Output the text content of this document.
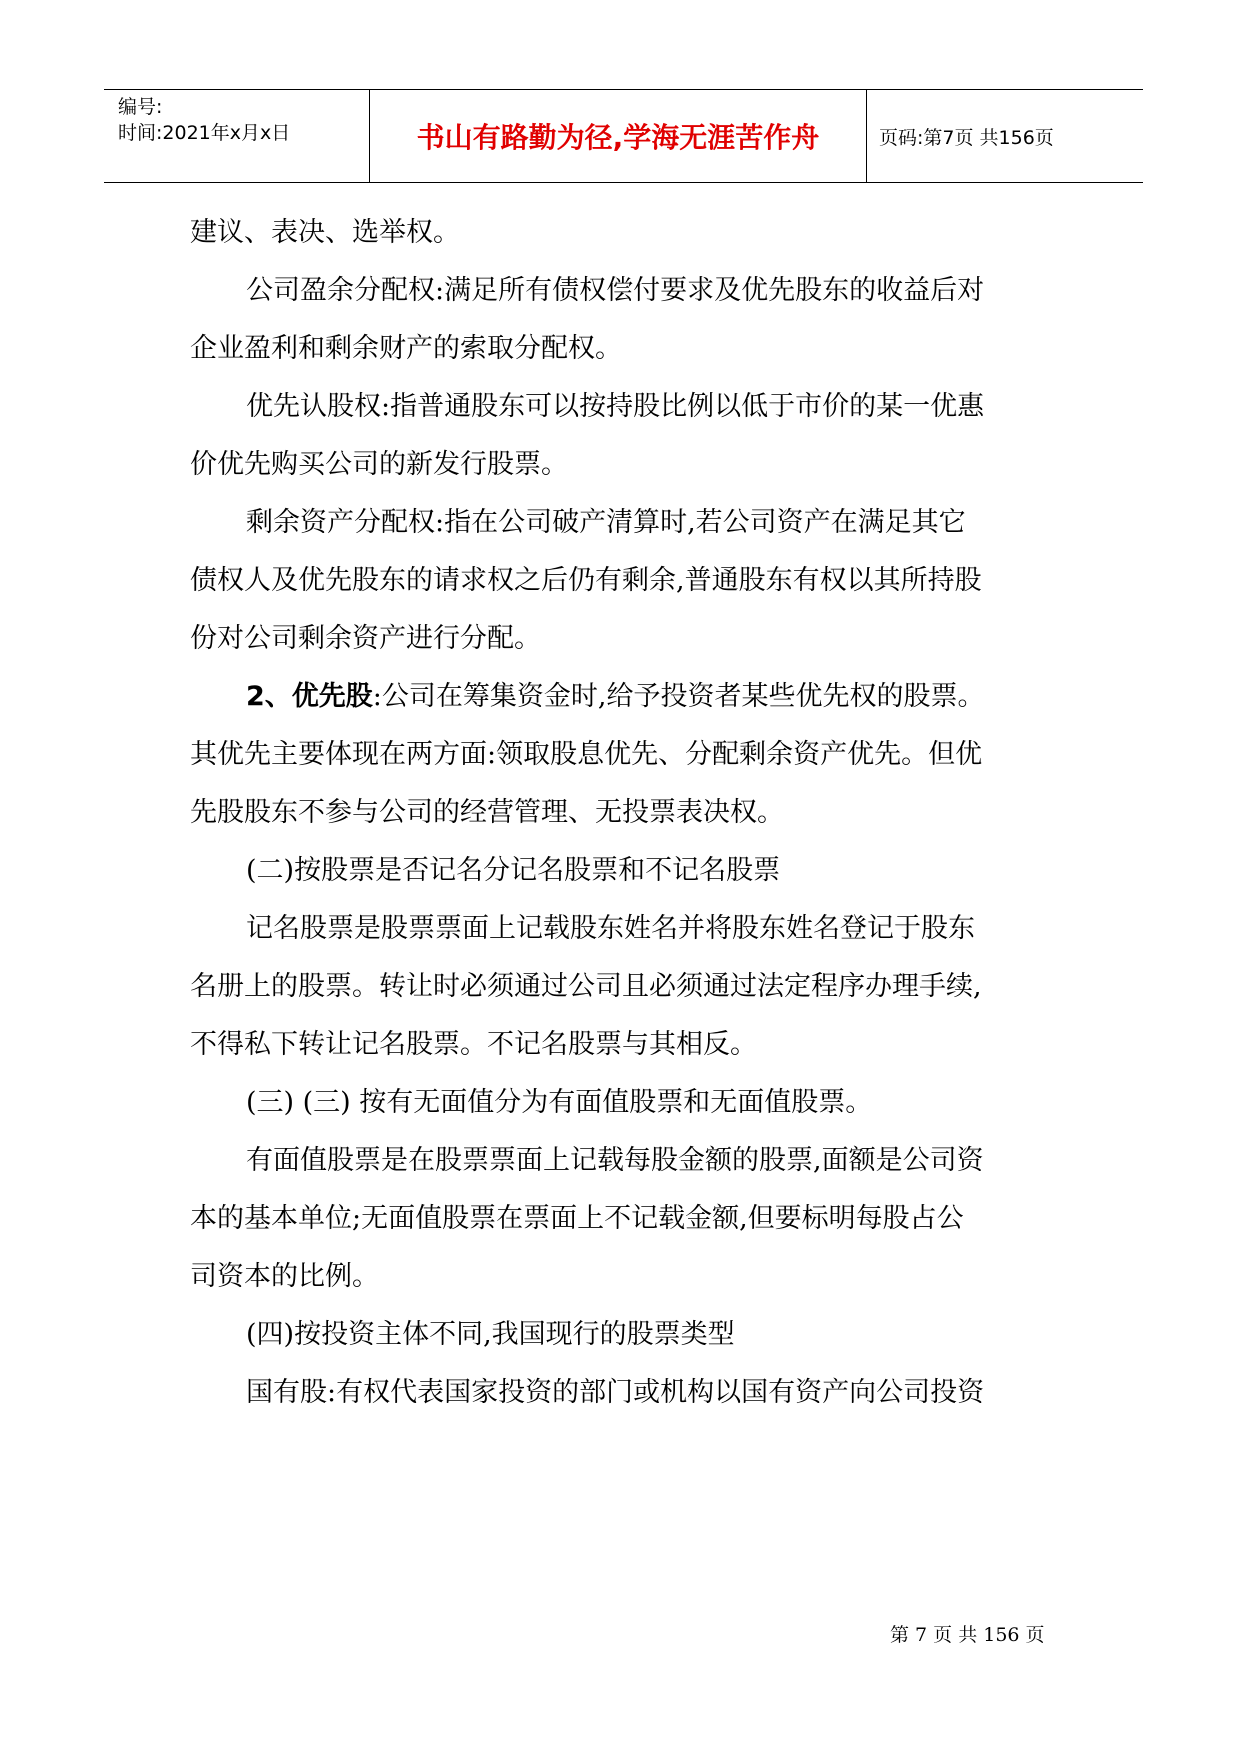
编号:
时间:2021年x月x日	书山有路勤为径,学海无涯苦作舟	页码:第7页 共156页
建议、表决、选举权。
公司盈余分配权:满足所有债权偿付要求及优先股东的收益后对
企业盈利和剩余财产的索取分配权。
优先认股权:指普通股东可以按持股比例以低于市价的某一优惠
价优先购买公司的新发行股票。
剩余资产分配权:指在公司破产清算时,若公司资产在满足其它
债权人及优先股东的请求权之后仍有剩余,普通股东有权以其所持股
份对公司剩余资产进行分配。
2、优先股:公司在筹集资金时,给予投资者某些优先权的股票。
其优先主要体现在两方面:领取股息优先、分配剩余资产优先。但优
先股股东不参与公司的经营管理、无投票表决权。
(二)按股票是否记名分记名股票和不记名股票
记名股票是股票票面上记载股东姓名并将股东姓名登记于股东
名册上的股票。转让时必须通过公司且必须通过法定程序办理手续,
不得私下转让记名股票。不记名股票与其相反。
(三) (三) 按有无面值分为有面值股票和无面值股票。
有面值股票是在股票票面上记载每股金额的股票,面额是公司资
本的基本单位;无面值股票在票面上不记载金额,但要标明每股占公
司资本的比例。
(四)按投资主体不同,我国现行的股票类型
国有股:有权代表国家投资的部门或机构以国有资产向公司投资
第 7 页 共 156 页
